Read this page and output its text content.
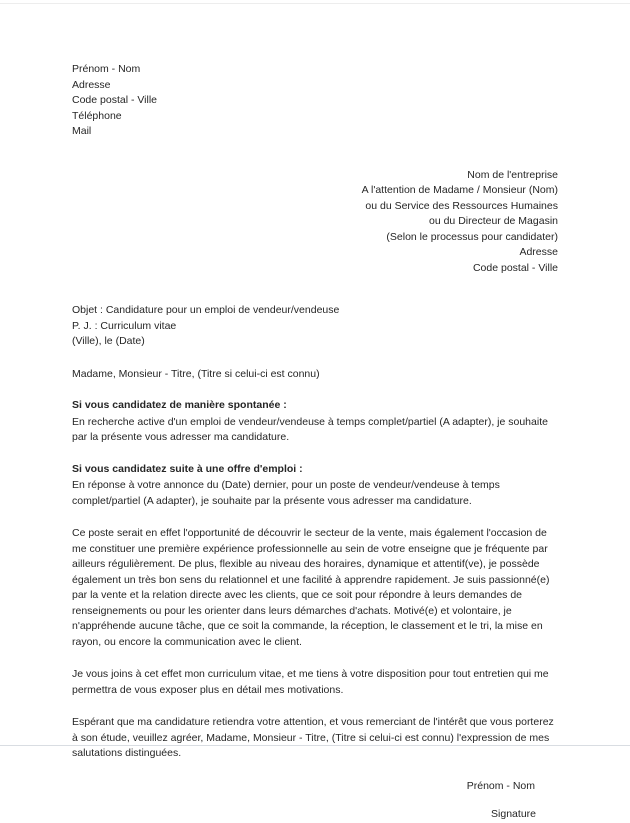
Prénom - Nom

Adresse

Code postal - Ville

Téléphone

Mail

Nom de l'entreprise

A l'attention de Madame / Monsieur (Nom)

ou du Service des Ressources Humaines

ou du Directeur de Magasin

(Selon le processus pour candidater)

Adresse

Code postal - Ville

Objet : Candidature pour un emploi de vendeur/vendeuse

P. J. : Curriculum vitae

(Ville), le (Date)

Madame, Monsieur - Titre, (Titre si celui-ci est connu)

Si vous candidatez de manière spontanée :

En recherche active d'un emploi de vendeur/vendeuse à temps complet/partiel (A adapter), je souhaite par la présente vous adresser ma candidature.

Si vous candidatez suite à une offre d'emploi :

En réponse à votre annonce du (Date) dernier, pour un poste de vendeur/vendeuse à temps complet/partiel (A adapter), je souhaite par la présente vous adresser ma candidature.

Ce poste serait en effet l'opportunité de découvrir le secteur de la vente, mais également l'occasion de me constituer une première expérience professionnelle au sein de votre enseigne que je fréquente par ailleurs régulièrement. De plus, flexible au niveau des horaires, dynamique et attentif(ve), je possède également un très bon sens du relationnel et une facilité à apprendre rapidement. Je suis passionné(e) par la vente et la relation directe avec les clients, que ce soit pour répondre à leurs demandes de renseignements ou pour les orienter dans leurs démarches d'achats. Motivé(e) et volontaire, je n'appréhende aucune tâche, que ce soit la commande, la réception, le classement et le tri, la mise en rayon, ou encore la communication avec le client.

Je vous joins à cet effet mon curriculum vitae, et me tiens à votre disposition pour tout entretien qui me permettra de vous exposer plus en détail mes motivations.

Espérant que ma candidature retiendra votre attention, et vous remerciant de l'intérêt que vous porterez à son étude, veuillez agréer, Madame, Monsieur - Titre, (Titre si celui-ci est connu) l'expression de mes salutations distinguées.

Prénom - Nom

Signature
